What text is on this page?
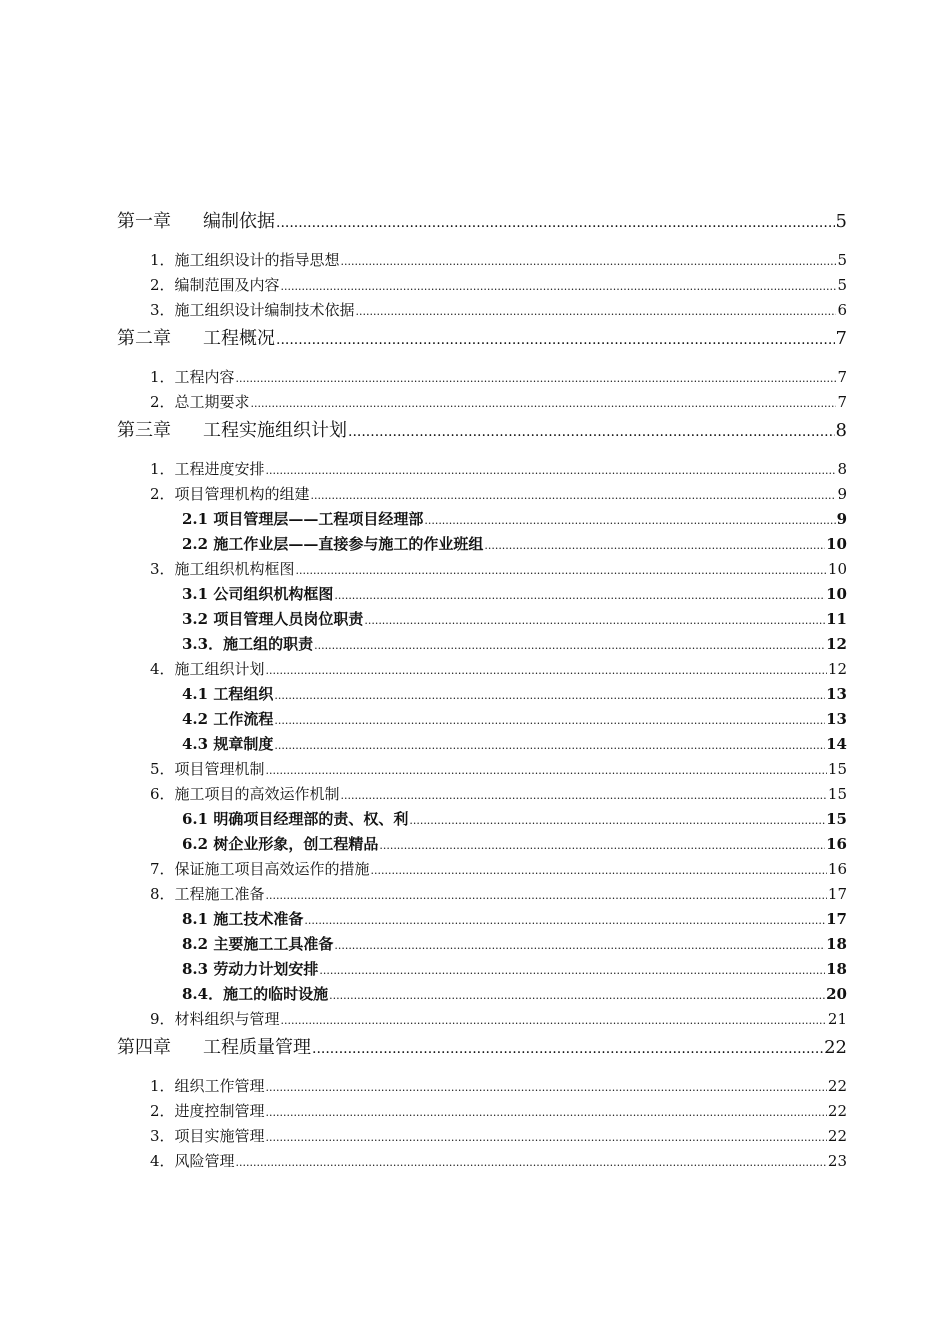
第一章 编制依据 .....	5
1．施工组织设计的指导思想 .....	5
2．编制范围及内容 .....	5
3．施工组织设计编制技术依据 .....	6
第二章 工程概况 .....	7
1．工程内容 .....	7
2．总工期要求 .....	7
第三章 工程实施组织计划 .....	8
1．工程进度安排 .....	8
2．项目管理机构的组建 .....	9
2.1 项目管理层——工程项目经理部 .....	9
2.2 施工作业层——直接参与施工的作业班组 .....	10
3．施工组织机构框图 .....	10
3.1 公司组织机构框图 .....	10
3.2 项目管理人员岗位职责 .....	11
3.3．施工组的职责 .....	12
4．施工组织计划 .....	12
4.1 工程组织 .....	13
4.2 工作流程 .....	13
4.3 规章制度 .....	14
5．项目管理机制 .....	15
6．施工项目的高效运作机制 .....	15
6.1 明确项目经理部的责、权、利 .....	15
6.2 树企业形象，创工程精品 .....	16
7．保证施工项目高效运作的措施 .....	16
8．工程施工准备 .....	17
8.1 施工技术准备 .....	17
8.2 主要施工工具准备 .....	18
8.3 劳动力计划安排 .....	18
8.4．施工的临时设施 .....	20
9．材料组织与管理 .....	21
第四章 工程质量管理 .....	22
1．组织工作管理 .....	22
2．进度控制管理 .....	22
3．项目实施管理 .....	22
4．风险管理 .....	23
